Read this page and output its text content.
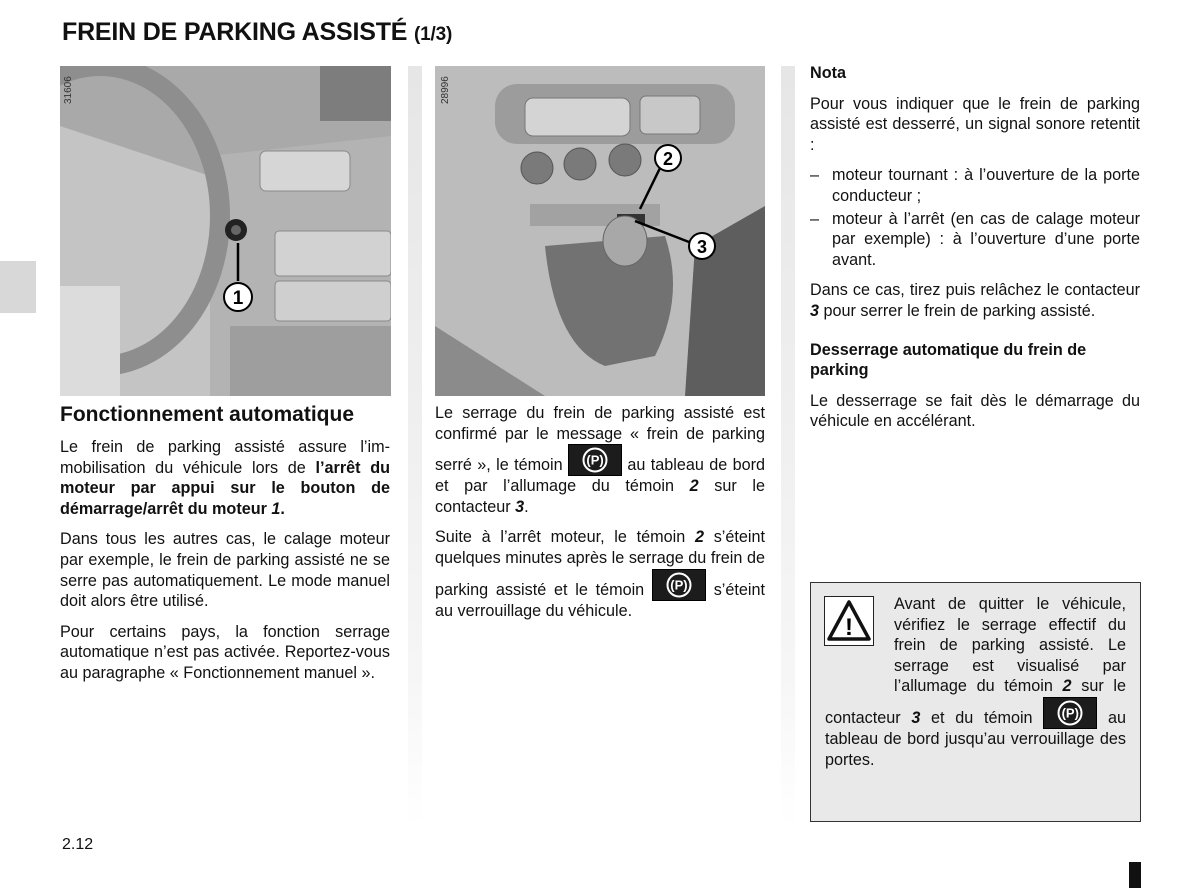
FREIN DE PARKING ASSISTÉ (1/3)
1
31606
2
3
28996
Fonctionnement automatique

Le frein de parking assisté assure l’immobilisation du véhicule lors de l’arrêt du moteur par appui sur le bouton de démarrage/arrêt du moteur 1.

Dans tous les autres cas, le calage moteur par exemple, le frein de parking assisté ne se serre pas automatiquement. Le mode manuel doit alors être utilisé.

Pour certains pays, la fonction serrage automatique n’est pas activée. Reportez-vous au paragraphe « Fonctionnement manuel ».

Le serrage du frein de parking assisté est confirmé par le message « frein de parking serré », le témoin (P) au tableau de bord et par l’allumage du témoin 2 sur le contacteur 3.

Suite à l’arrêt moteur, le témoin 2 s’éteint quelques minutes après le serrage du frein de parking assisté et le témoin (P) s’éteint au verrouillage du véhicule.

Nota

Pour vous indiquer que le frein de parking assisté est desserré, un signal sonore retentit :

– moteur tournant : à l’ouverture de la porte conducteur ;
– moteur à l’arrêt (en cas de calage moteur par exemple) : à l’ouverture d’une porte avant.

Dans ce cas, tirez puis relâchez le contacteur 3 pour serrer le frein de parking assisté.

Desserrage automatique du frein de parking

Le desserrage se fait dès le démarrage du véhicule en accélérant.

!
Avant de quitter le véhicule, vérifiez le serrage effectif du frein de parking assisté. Le serrage est visualisé par l’allumage du témoin 2 sur le contacteur 3 et du témoin (P) au tableau de bord jusqu’au verrouillage des portes.
2.12
